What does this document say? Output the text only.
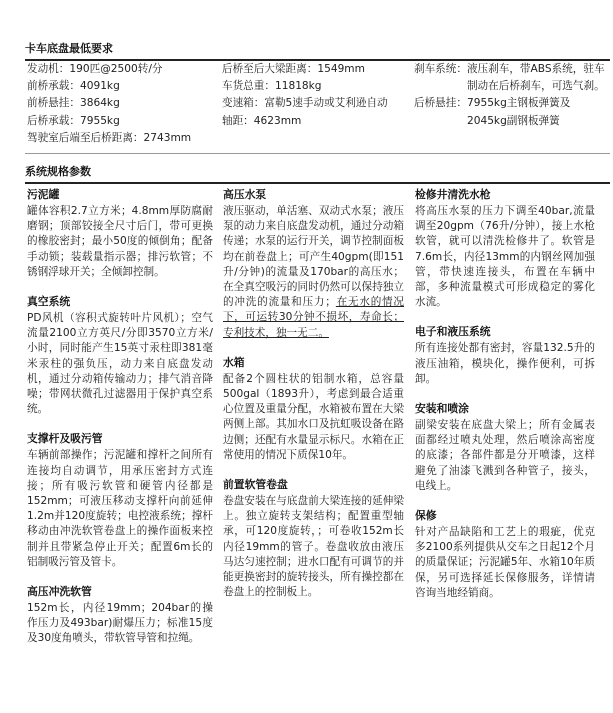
卡车底盘最低要求
发动机：190匹@2500转/分
前桥承载：4091kg
前桥悬挂：3864kg
后桥承载：7955kg
驾驶室后端至后桥距离：2743mm
后桥至后大梁距离： 1549mm
车货总重： 11818kg
变速箱： 富勒5速手动或艾利逊自动
轴距： 4623mm
刹车系统： 液压刹车，带ABS系统，驻车制动在后桥刹车，可选气刹。
后桥悬挂： 7955kg主钢板弹簧及2045kg副钢板弹簧
系统规格参数
污泥罐
罐体容积2.7立方米；4.8mm厚防腐耐磨钢；顶部铰接全尺寸后门，带可更换的橡胶密封；最小50度的倾倒角；配备手动锁；装载量指示器；排污软管；不锈钢浮球开关；全倾卸控制。
真空系统
PD风机（容积式旋转叶片风机）；空气流量2100立方英尺/分即3570立方米/小时，同时能产生15英寸汞柱即381毫米汞柱的强负压，动力来自底盘发动机，通过分动箱传输动力；排气消音降噪；带网状微孔过滤器用于保护真空系统。
支撑杆及吸污管
车辆前部操作；污泥罐和撑杆之间所有连接均自动调节，用承压密封方式连接；所有吸污软管和硬管内径都是152mm；可液压移动支撑杆向前延伸1.2m并120度旋转；电控液系统；撑杆移动由冲洗软管卷盘上的操作面板来控制并且带紧急停止开关；配置6m长的铝制吸污管及管卡。
高压冲洗软管
152m长，内径19mm；204bar的操作压力及493bar)耐爆压力；标准15度及30度角喷头，带软管导管和拉绳。
高压水泵
液压驱动，单活塞、双动式水泵；液压泵的动力来自底盘发动机，通过分动箱传递；水泵的运行开关，调节控制面板均在前卷盘上；可产生40gpm(即151升/分钟)的流量及170bar的高压水；在全真空吸污的同时仍然可以保持独立的冲洗的流量和压力；在无水的情况下，可运转30分钟不损坏，寿命长；专利技术，独一无二。
水箱
配备2个圆柱状的铝制水箱，总容量500gal（1893升），考虑到最合适重心位置及重量分配，水箱被布置在大梁两侧上部。其加水口及抗虹吸设备在路边侧；还配有水量显示标尺。水箱在正常使用的情况下质保10年。
前置软管卷盘
卷盘安装在与底盘前大梁连接的延伸梁上。独立旋转支架结构；配置重型轴承，可120度旋转，；可卷收152m长内径19mm的管子。卷盘收放由液压马达匀速控制；进水口配有可调节的并能更换密封的旋转接头，所有操控都在卷盘上的控制板上。
检修井清洗水枪
将高压水泵的压力下调至40bar,流量调至20gpm（76升/分钟），接上水枪软管，就可以清洗检修井了。软管是7.6m长，内径13mm的内钢丝网加强管，带快速连接头，布置在车辆中部，多种流量模式可形成稳定的雾化水流。
电子和液压系统
所有连接处都有密封，容量132.5升的液压油箱，模块化，操作便利，可拆卸。
安装和喷涂
副梁安装在底盘大梁上；所有金属表面都经过喷丸处理，然后喷涂高密度的底漆；各部件都是分开喷漆，这样避免了油漆飞溅到各种管子，接头，电线上。
保修
针对产品缺陷和工艺上的瑕疵，优克多2100系列提供从交车之日起12个月的质量保证；污泥罐5年、水箱10年质保，另可选择延长保修服务，详情请咨询当地经销商。
